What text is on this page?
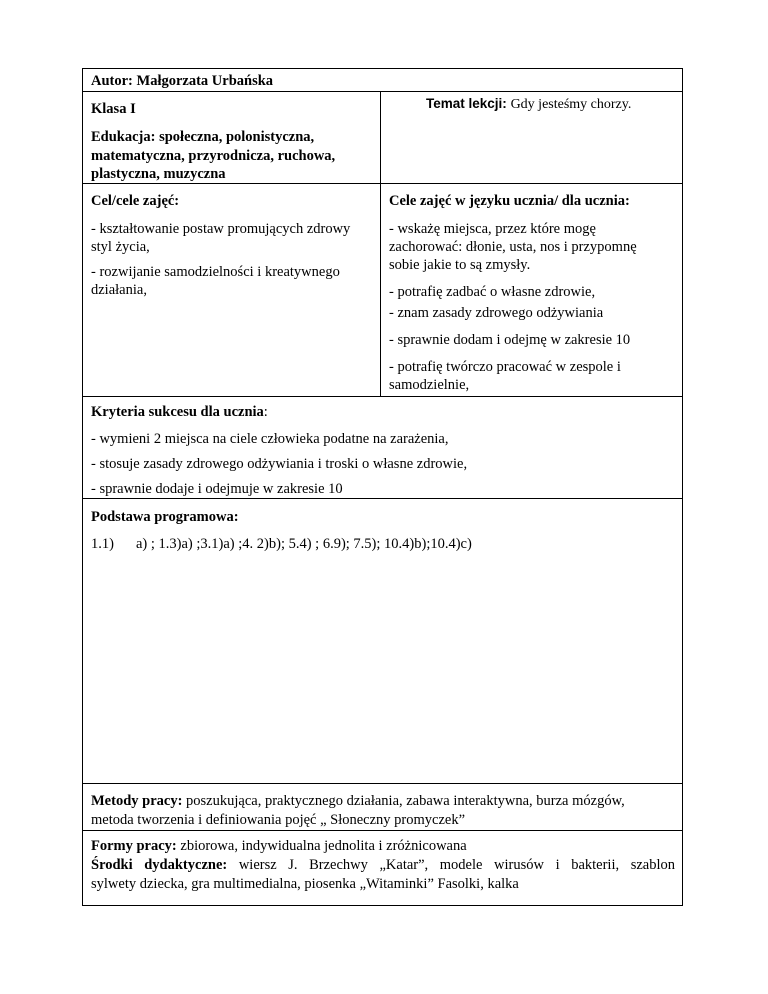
Autor: Małgorzata Urbańska
Klasa I
Edukacja: społeczna, polonistyczna,
matematyczna, przyrodnicza, ruchowa,
plastyczna, muzyczna
Temat lekcji: Gdy jesteśmy chorzy.
Cel/cele zajęć:
- kształtowanie postaw promujących zdrowy
styl życia,
- rozwijanie samodzielności i kreatywnego
działania,
Cele zajęć w języku ucznia/ dla ucznia:
- wskażę miejsca, przez które mogę
zachorować: dłonie, usta, nos i przypomnę
sobie jakie to są zmysły.
- potrafię zadbać o własne zdrowie,
- znam zasady zdrowego odżywiania
- sprawnie dodam i odejmę w zakresie 10
- potrafię twórczo pracować w zespole i
samodzielnie,
Kryteria sukcesu dla ucznia:
- wymieni 2 miejsca na ciele człowieka podatne na zarażenia,
- stosuje zasady zdrowego odżywiania i troski o własne zdrowie,
- sprawnie dodaje i odejmuje w zakresie 10
Podstawa programowa:
1.1) a) ; 1.3)a) ;3.1)a) ;4. 2)b); 5.4) ; 6.9); 7.5); 10.4)b);10.4)c)
Metody pracy: poszukująca, praktycznego działania, zabawa interaktywna, burza mózgów,
metoda tworzenia i definiowania pojęć „ Słoneczny promyczek”
Formy pracy: zbiorowa, indywidualna jednolita i zróżnicowana
Środki dydaktyczne: wiersz J. Brzechwy „Katar”, modele wirusów i bakterii, szablon
sylwety dziecka, gra multimedialna, piosenka „Witaminki” Fasolki, kalka
